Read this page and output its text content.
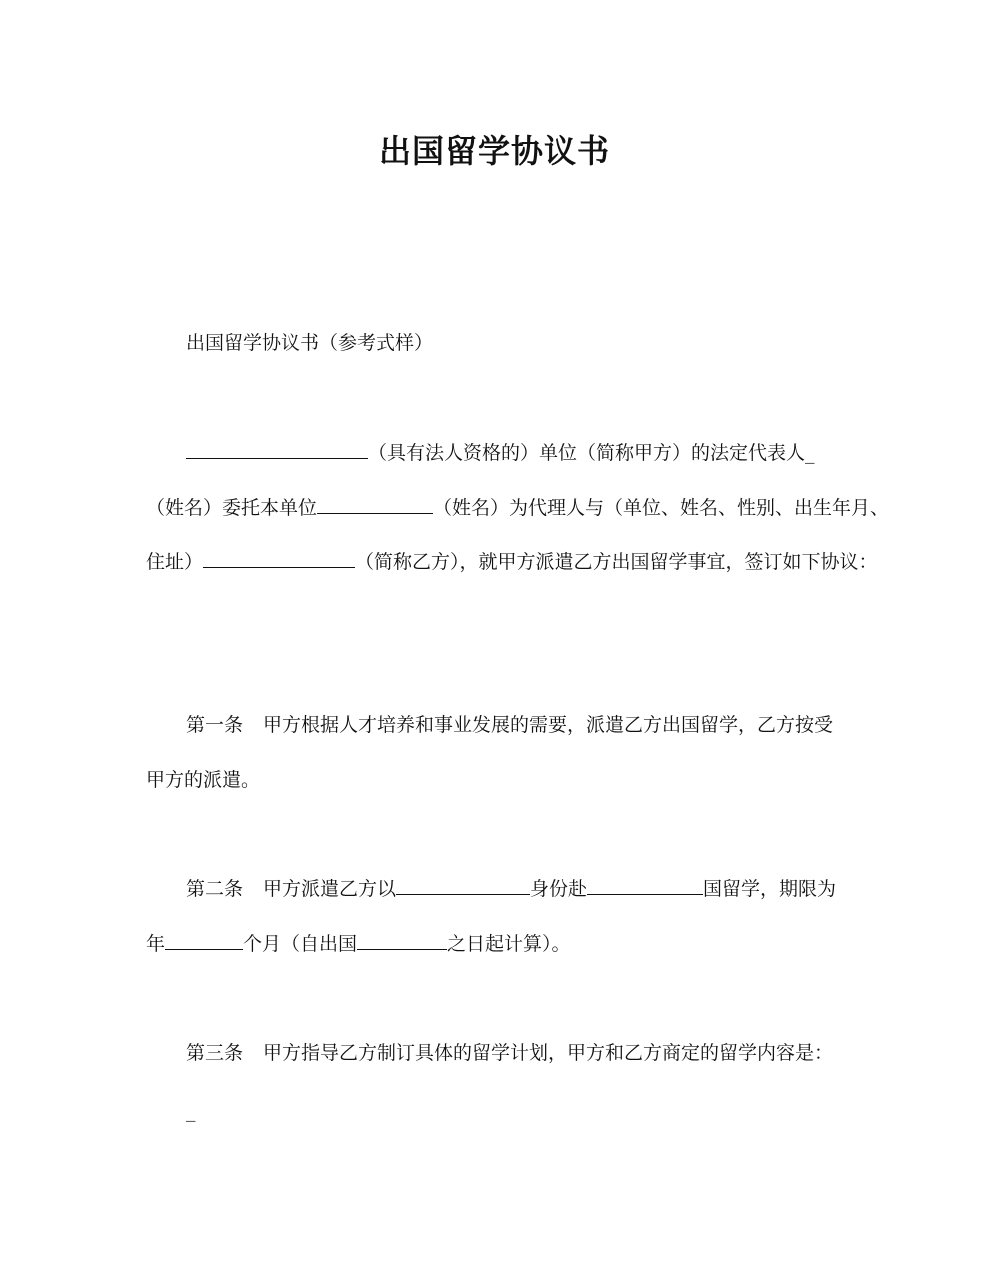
出国留学协议书
出国留学协议书（参考式样）
（具有法人资格的）单位（简称甲方）的法定代表人_
（姓名）委托本单位	（姓名）为代理人与（单位、姓名、性别、出生年月、
住址）	（简称乙方），就甲方派遣乙方出国留学事宜，签订如下协议：
第一条 甲方根据人才培养和事业发展的需要，派遣乙方出国留学，乙方按受
甲方的派遣。
第二条 甲方派遣乙方以	身份赴	国留学，期限为
年	个月（自出国	之日起计算）。
第三条 甲方指导乙方制订具体的留学计划，甲方和乙方商定的留学内容是：
_
